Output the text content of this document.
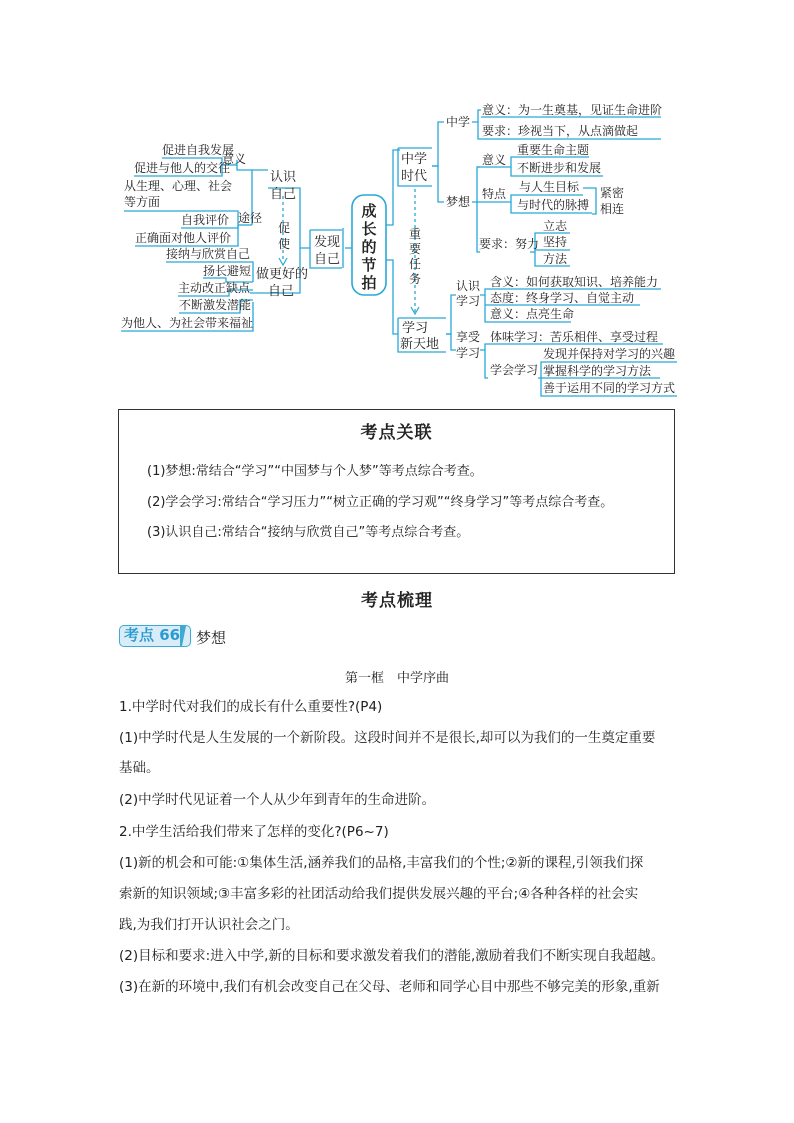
成
长
的
节
拍
发现
自己
认识
自己
意义
促进自我发展
促进与他人的交往
途径
从生理、心理、社会
等方面
自我评价
正确面对他人评价
促
使
做更好的
自己
接纳与欣赏自己
扬长避短
主动改正缺点
不断激发潜能
为他人、为社会带来福祉
中学
时代
中学
意义：为一生奠基，见证生命进阶
要求：珍视当下，从点滴做起
梦想
意义
重要生命主题
不断进步和发展
特点 与人生目标
与时代的脉搏
紧密
相连
要求：努力
立志
坚持
方法
重
要
任
务
学习
新天地
认识
学习
含义：如何获取知识、培养能力
态度：终身学习、自觉主动
意义：点亮生命
享受
学习
体味学习：苦乐相伴、享受过程
学会学习
发现并保持对学习的兴趣
掌握科学的学习方法
善于运用不同的学习方式
考点关联
(1)梦想:常结合“学习”“中国梦与个人梦”等考点综合考查。
(2)学会学习:常结合“学习压力”“树立正确的学习观”“终身学习”等考点综合考查。
(3)认识自己:常结合“接纳与欣赏自己”等考点综合考查。
考点梳理
考点 66	梦想
第一框　中学序曲
1.中学时代对我们的成长有什么重要性?(P4)
(1)中学时代是人生发展的一个新阶段。这段时间并不是很长,却可以为我们的一生奠定重要
基础。
(2)中学时代见证着一个人从少年到青年的生命进阶。
2.中学生活给我们带来了怎样的变化?(P6~7)
(1)新的机会和可能:①集体生活,涵养我们的品格,丰富我们的个性;②新的课程,引领我们探
索新的知识领域;③丰富多彩的社团活动给我们提供发展兴趣的平台;④各种各样的社会实
践,为我们打开认识社会之门。
(2)目标和要求:进入中学,新的目标和要求激发着我们的潜能,激励着我们不断实现自我超越。
(3)在新的环境中,我们有机会改变自己在父母、老师和同学心目中那些不够完美的形象,重新
